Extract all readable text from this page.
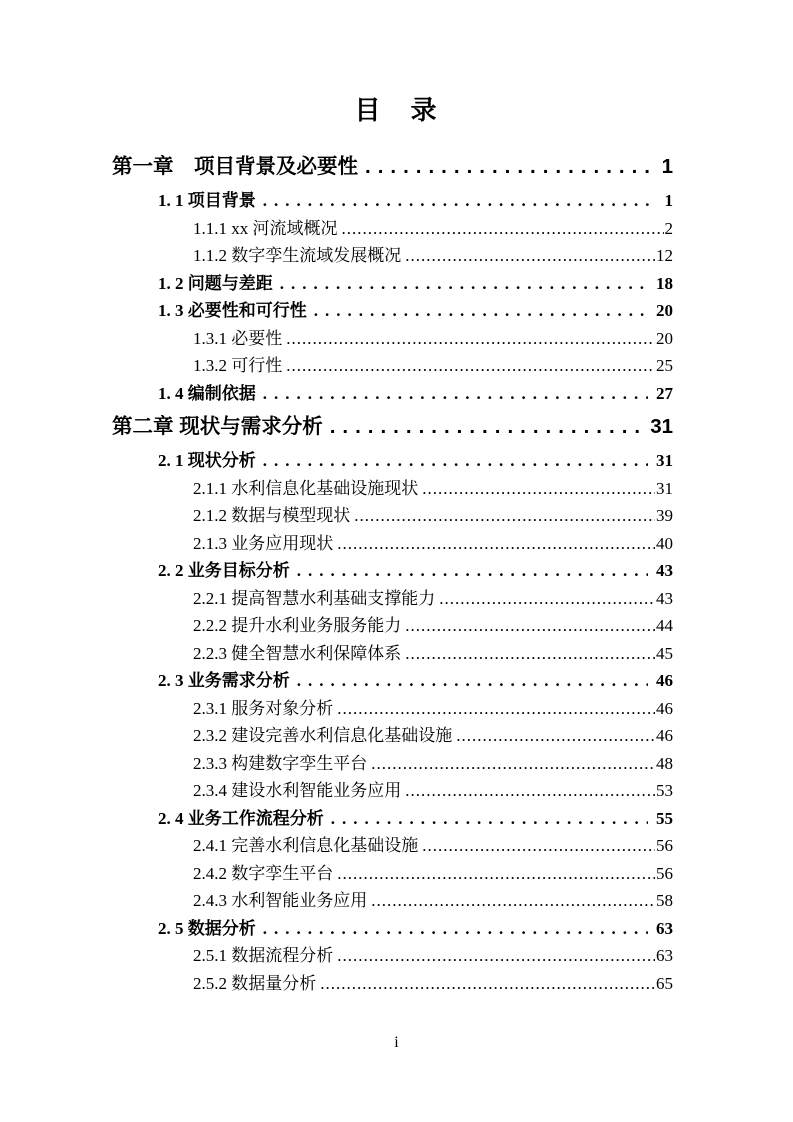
目　录
第一章　项目背景及必要性 .....	1
1. 1 项目背景 .....	1
1.1.1 xx 河流域概况 .....	2
1.1.2 数字孪生流域发展概况 .....	12
1. 2 问题与差距 .....	18
1. 3 必要性和可行性 .....	20
1.3.1 必要性 .....	20
1.3.2 可行性 .....	25
1. 4 编制依据 .....	27
第二章 现状与需求分析 .....	31
2. 1 现状分析 .....	31
2.1.1 水利信息化基础设施现状 .....	31
2.1.2 数据与模型现状 .....	39
2.1.3 业务应用现状 .....	40
2. 2 业务目标分析 .....	43
2.2.1 提高智慧水利基础支撑能力 .....	43
2.2.2 提升水利业务服务能力 .....	44
2.2.3 健全智慧水利保障体系 .....	45
2. 3 业务需求分析 .....	46
2.3.1 服务对象分析 .....	46
2.3.2 建设完善水利信息化基础设施 .....	46
2.3.3 构建数字孪生平台 .....	48
2.3.4 建设水利智能业务应用 .....	53
2. 4 业务工作流程分析 .....	55
2.4.1 完善水利信息化基础设施 .....	56
2.4.2 数字孪生平台 .....	56
2.4.3 水利智能业务应用 .....	58
2. 5 数据分析 .....	63
2.5.1 数据流程分析 .....	63
2.5.2 数据量分析 .....	65
i
